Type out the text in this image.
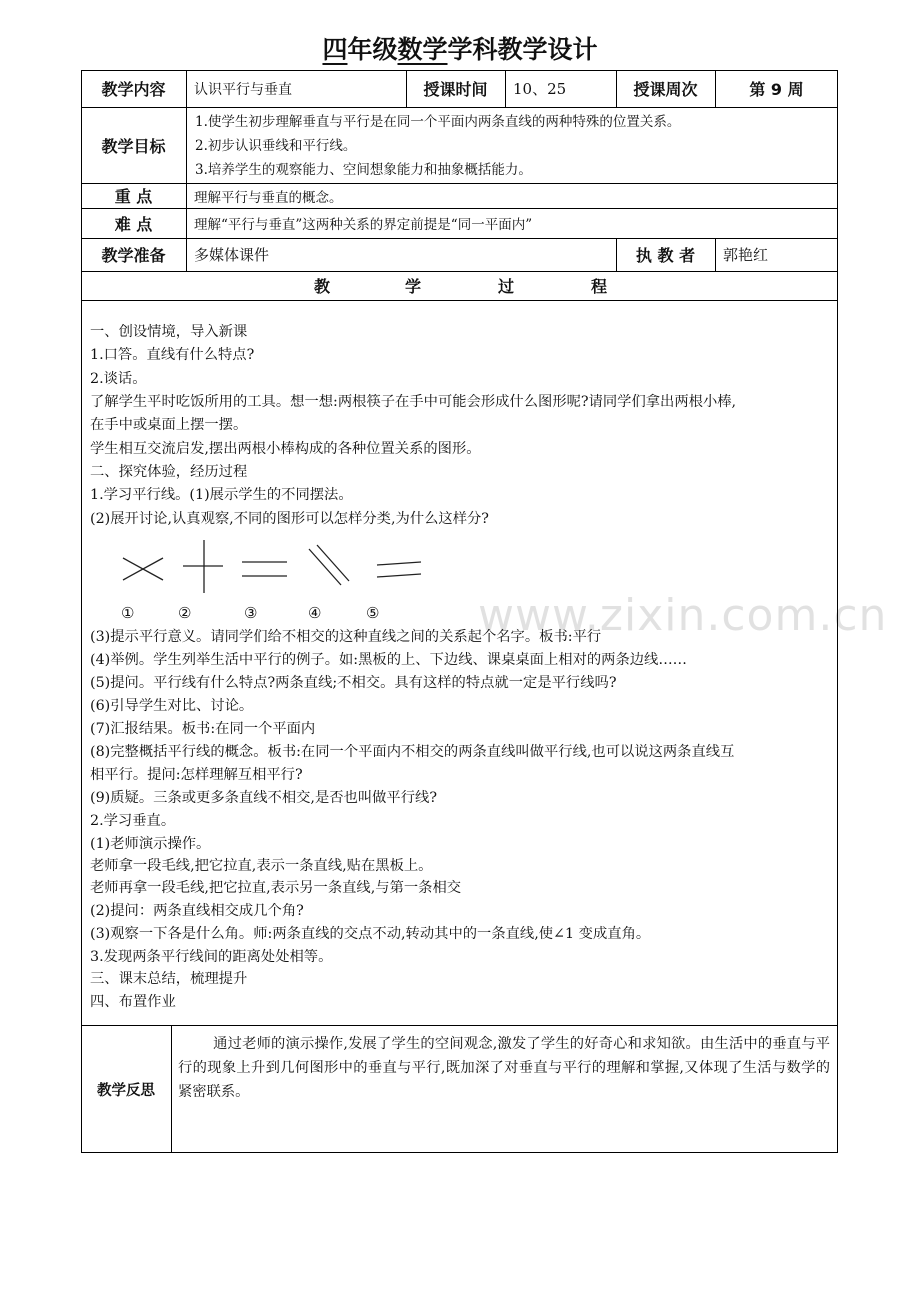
四年级数学学科教学设计
www.zixin.com.cn
教学内容	认识平行与垂直	授课时间	10、25	授课周次	第 9 周
教学目标
1.使学生初步理解垂直与平行是在同一个平面内两条直线的两种特殊的位置关系。
2.初步认识垂线和平行线。
3.培养学生的观察能力、空间想象能力和抽象概括能力。
重 点	理解平行与垂直的概念。
难 点	理解“平行与垂直”这两种关系的界定前提是“同一平面内”
教学准备	多媒体课件	执 教 者	郭艳红
教	学	过	程
一、创设情境，导入新课
1.口答。直线有什么特点?
2.谈话。
了解学生平时吃饭所用的工具。想一想:两根筷子在手中可能会形成什么图形呢?请同学们拿出两根小棒,
在手中或桌面上摆一摆。
学生相互交流启发,摆出两根小棒构成的各种位置关系的图形。
二、探究体验，经历过程
1.学习平行线。(1)展示学生的不同摆法。
(2)展开讨论,认真观察,不同的图形可以怎样分类,为什么这样分?
①	②	③	④	⑤
(3)提示平行意义。请同学们给不相交的这种直线之间的关系起个名字。板书:平行
(4)举例。学生列举生活中平行的例子。如:黑板的上、下边线、课桌桌面上相对的两条边线……
(5)提问。平行线有什么特点?两条直线;不相交。具有这样的特点就一定是平行线吗?
(6)引导学生对比、讨论。
(7)汇报结果。板书:在同一个平面内
(8)完整概括平行线的概念。板书:在同一个平面内不相交的两条直线叫做平行线,也可以说这两条直线互
相平行。提问:怎样理解互相平行?
(9)质疑。三条或更多条直线不相交,是否也叫做平行线?
2.学习垂直。
(1)老师演示操作。
老师拿一段毛线,把它拉直,表示一条直线,贴在黑板上。
老师再拿一段毛线,把它拉直,表示另一条直线,与第一条相交
(2)提问：两条直线相交成几个角?
(3)观察一下各是什么角。师:两条直线的交点不动,转动其中的一条直线,使∠1 变成直角。
3.发现两条平行线间的距离处处相等。
三、课末总结，梳理提升
四、布置作业
教学反思
通过老师的演示操作,发展了学生的空间观念,激发了学生的好奇心和求知欲。由生活中的垂直与平行的现象上升到几何图形中的垂直与平行,既加深了对垂直与平行的理解和掌握,又体现了生活与数学的紧密联系。
